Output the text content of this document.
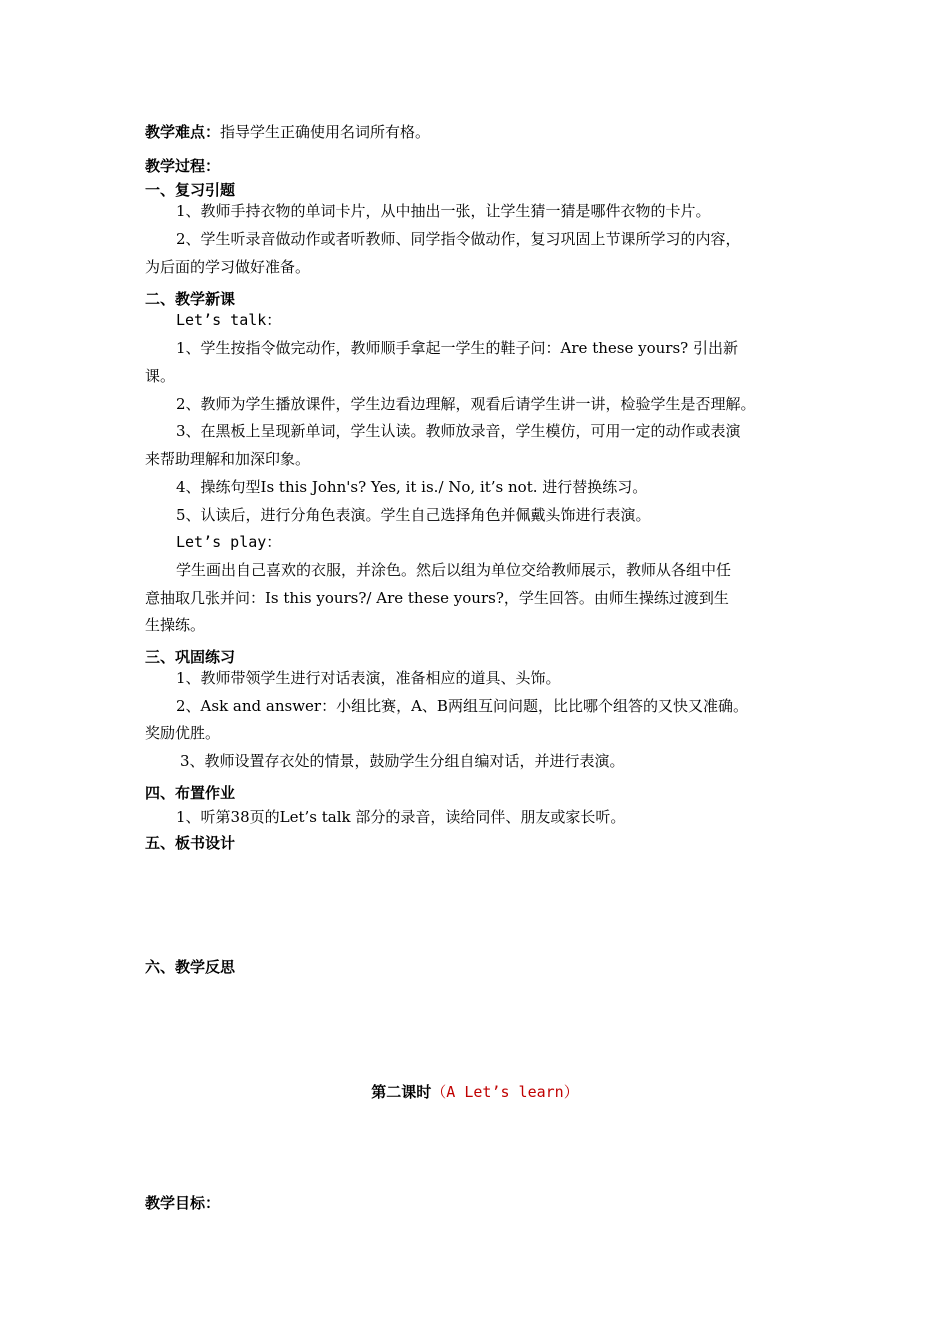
教学难点：指导学生正确使用名词所有格。
教学过程：
一、复习引题
1、教师手持衣物的单词卡片，从中抽出一张，让学生猜一猜是哪件衣物的卡片。
2、学生听录音做动作或者听教师、同学指令做动作，复习巩固上节课所学习的内容，
为后面的学习做好准备。
二、教学新课
Let’s talk：
1、学生按指令做完动作，教师顺手拿起一学生的鞋子问：Are these yours? 引出新
课。
2、教师为学生播放课件，学生边看边理解，观看后请学生讲一讲，检验学生是否理解。
3、在黑板上呈现新单词，学生认读。教师放录音，学生模仿，可用一定的动作或表演
来帮助理解和加深印象。
4、操练句型Is this John's? Yes, it is./ No, it’s not. 进行替换练习。
5、认读后，进行分角色表演。学生自己选择角色并佩戴头饰进行表演。
Let’s play：
学生画出自己喜欢的衣服，并涂色。然后以组为单位交给教师展示，教师从各组中任
意抽取几张并问：Is this yours?/ Are these yours?，学生回答。由师生操练过渡到生
生操练。
三、巩固练习
1、教师带领学生进行对话表演，准备相应的道具、头饰。
2、Ask and answer：小组比赛，A、B两组互问问题，比比哪个组答的又快又准确。
奖励优胜。
3、教师设置存衣处的情景，鼓励学生分组自编对话，并进行表演。
四、布置作业
1、听第38页的Let’s talk 部分的录音，读给同伴、朋友或家长听。
五、板书设计
六、教学反思
第二课时（A Let’s learn）
教学目标：
